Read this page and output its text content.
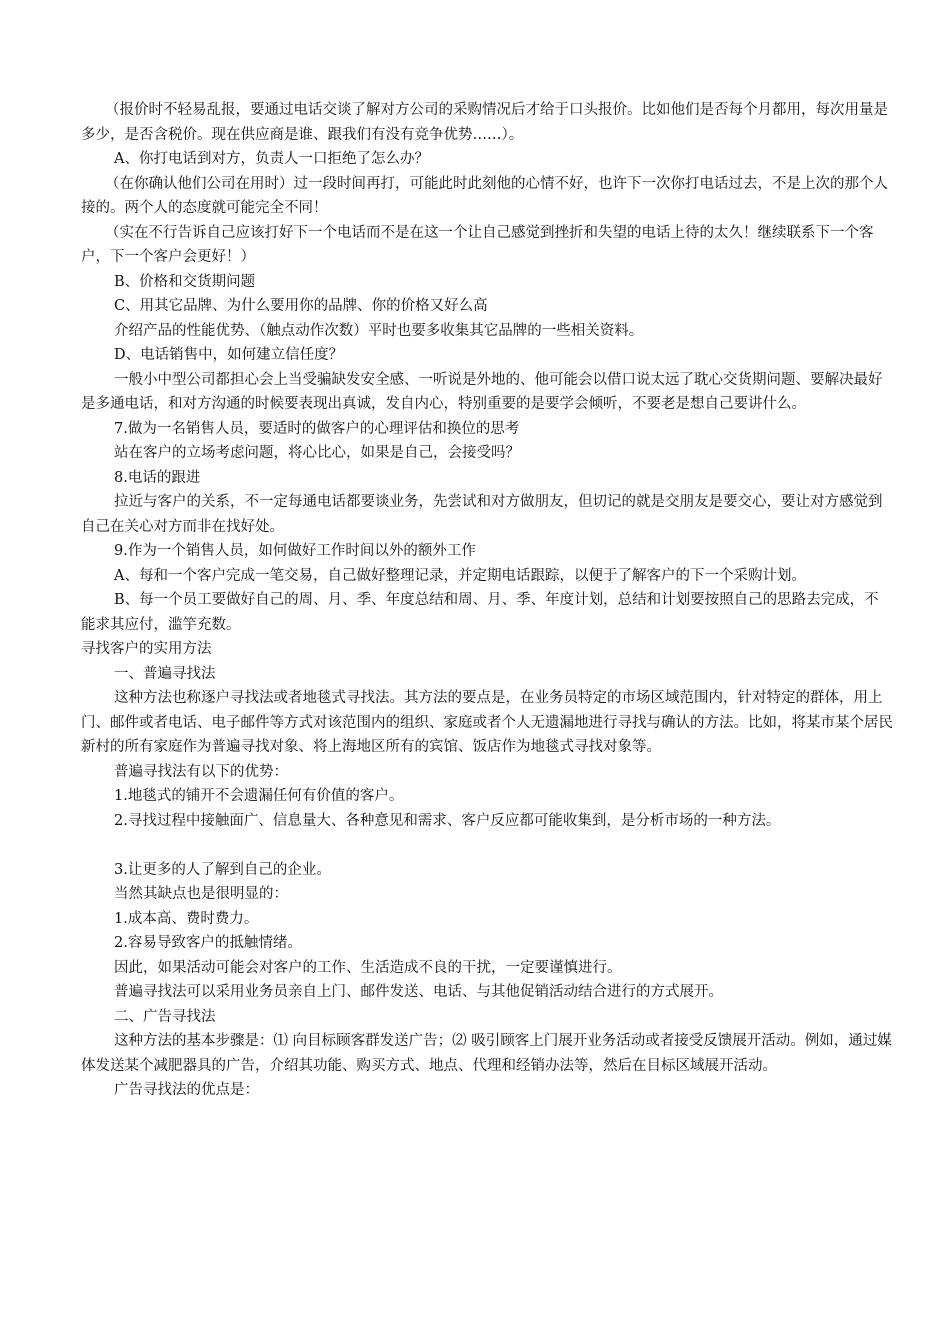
（报价时不轻易乱报，要通过电话交谈了解对方公司的采购情况后才给于口头报价。比如他们是否每个月都用，每次用量是多少，是否含税价。现在供应商是谁、跟我们有没有竞争优势……）。

A、你打电话到对方，负责人一口拒绝了怎么办？

（在你确认他们公司在用时）过一段时间再打，可能此时此刻他的心情不好，也许下一次你打电话过去，不是上次的那个人接的。两个人的态度就可能完全不同！

（实在不行告诉自己应该打好下一个电话而不是在这一个让自己感觉到挫折和失望的电话上待的太久！继续联系下一个客户，下一个客户会更好！）

B、价格和交货期问题

C、用其它品牌、为什么要用你的品牌、你的价格又好么高

介绍产品的性能优势、（触点动作次数）平时也要多收集其它品牌的一些相关资料。

D、电话销售中，如何建立信任度？

一般小中型公司都担心会上当受骗缺发安全感、一听说是外地的、他可能会以借口说太远了耽心交货期问题、要解决最好是多通电话，和对方沟通的时候要表现出真诚，发自内心，特别重要的是要学会倾听，不要老是想自己要讲什么。

7.做为一名销售人员，要适时的做客户的心理评估和换位的思考

站在客户的立场考虑问题，将心比心，如果是自己，会接受吗？

8.电话的跟进

拉近与客户的关系，不一定每通电话都要谈业务，先尝试和对方做朋友，但切记的就是交朋友是要交心，要让对方感觉到自己在关心对方而非在找好处。

9.作为一个销售人员，如何做好工作时间以外的额外工作

A、每和一个客户完成一笔交易，自己做好整理记录，并定期电话跟踪，以便于了解客户的下一个采购计划。

B、每一个员工要做好自己的周、月、季、年度总结和周、月、季、年度计划，总结和计划要按照自己的思路去完成，不能求其应付，滥竽充数。

寻找客户的实用方法

一、普遍寻找法

这种方法也称逐户寻找法或者地毯式寻找法。其方法的要点是，在业务员特定的市场区域范围内，针对特定的群体，用上门、邮件或者电话、电子邮件等方式对该范围内的组织、家庭或者个人无遗漏地进行寻找与确认的方法。比如，将某市某个居民新村的所有家庭作为普遍寻找对象、将上海地区所有的宾馆、饭店作为地毯式寻找对象等。

普遍寻找法有以下的优势：

1.地毯式的铺开不会遗漏任何有价值的客户。

2.寻找过程中接触面广、信息量大、各种意见和需求、客户反应都可能收集到，是分析市场的一种方法。

3.让更多的人了解到自己的企业。

当然其缺点也是很明显的：

1.成本高、费时费力。

2.容易导致客户的抵触情绪。

因此，如果活动可能会对客户的工作、生活造成不良的干扰，一定要谨慎进行。

普遍寻找法可以采用业务员亲自上门、邮件发送、电话、与其他促销活动结合进行的方式展开。

二、广告寻找法

这种方法的基本步骤是：⑴ 向目标顾客群发送广告；⑵ 吸引顾客上门展开业务活动或者接受反馈展开活动。例如，通过媒体发送某个减肥器具的广告，介绍其功能、购买方式、地点、代理和经销办法等，然后在目标区域展开活动。

广告寻找法的优点是：
